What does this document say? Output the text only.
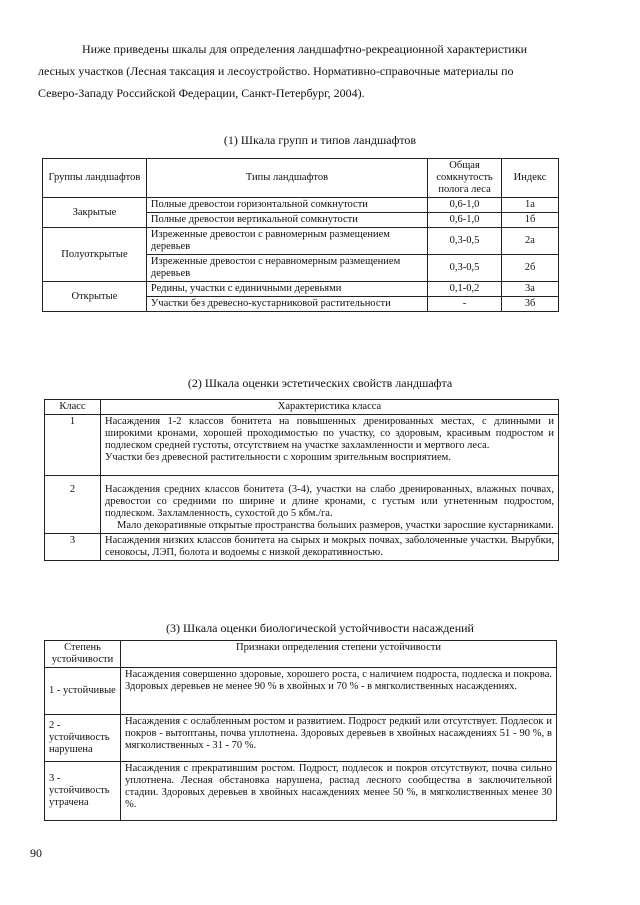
Ниже приведены шкалы для определения ландшафтно-рекреационной характеристики
лесных участков (Лесная таксация и лесоустройство. Нормативно-справочные материалы по
Северо-Западу Российской Федерации, Санкт-Петербург, 2004).
(1) Шкала групп и типов ландшафтов
Группы ландшафтов	Типы ландшафтов	Общая сомкнутость полога леса	Индекс
Закрытые	Полные древостои горизонтальной сомкнутости	0,6-1,0	1а
	Полные древостои вертикальной сомкнутости	0,6-1,0	1б
Полуоткрытые	Изреженные древостои с равномерным размещением деревьев	0,3-0,5	2а
	Изреженные древостои с неравномерным размещением деревьев	0,3-0,5	2б
Открытые	Редины, участки с единичными деревьями	0,1-0,2	3а
	Участки без древесно-кустарниковой растительности	-	3б
(2) Шкала оценки эстетических свойств ландшафта
Класс	Характеристика класса
1	Насаждения 1-2 классов бонитета на повышенных дренированных местах, с длинными и широкими кронами, хорошей проходимостью по участку, со здоровым, красивым подростом и подлеском средней густоты, отсутствием на участке захламленности и мертвого леса.
Участки без древесной растительности с хорошим зрительным восприятием.

2	Насаждения средних классов бонитета (3-4), участки на слабо дренированных, влажных почвах, древостои со средними по ширине и длине кронами, с густым или угнетенным подростом, подлеском. Захламленность, сухостой до 5 кбм./га.
Мало декоративные открытые пространства больших размеров, участки заросшие кустарниками.

3	Насаждения низких классов бонитета на сырых и мокрых почвах, заболоченные участки. Вырубки, сенокосы, ЛЭП, болота и водоемы с низкой декоративностью.
(3) Шкала оценки биологической устойчивости насаждений
Степень устойчивости	Признаки определения степени устойчивости
1 - устойчивые	Насаждения совершенно здоровые, хорошего роста, с наличием подроста, подлеска и покрова. Здоровых деревьев не менее 90 % в хвойных и 70 % - в мягколиственных насаждениях.
2 - устойчивость нарушена	Насаждения с ослабленным ростом и развитием. Подрост редкий или отсутствует. Подлесок и покров - вытоптаны, почва уплотнена. Здоровых деревьев в хвойных насаждениях 51 - 90 %, в мягколиственных - 31 - 70 %.
3 - устойчивость утрачена	Насаждения с прекратившим ростом. Подрост, подлесок и покров отсутствуют, почва сильно уплотнена. Лесная обстановка нарушена, распад лесного сообщества в заключительной стадии. Здоровых деревьев в хвойных насаждениях менее 50 %, в мягколиственных менее 30 %.
90
